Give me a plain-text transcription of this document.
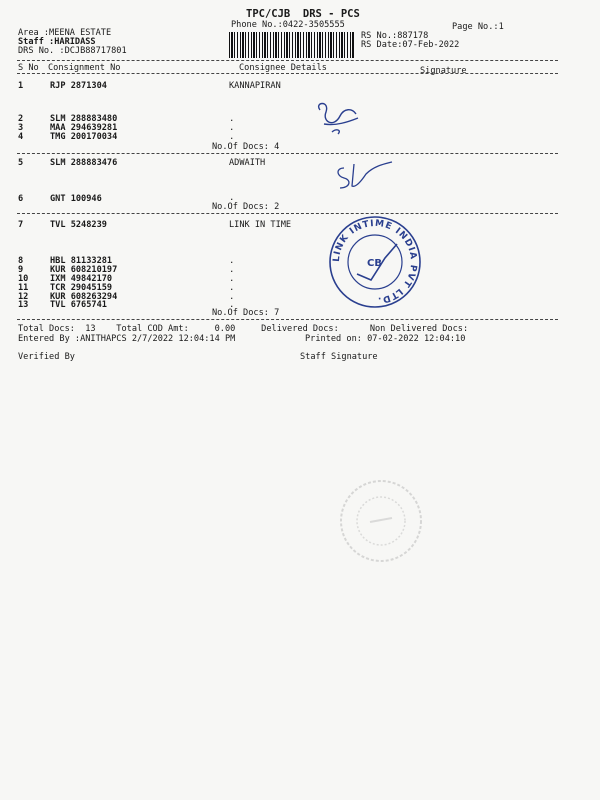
TPC/CJB  DRS - PCS
Phone No.:0422-3505555	Page No.:1
Area :MEENA ESTATE
Staff :HARIDASS
DRS No. :DCJB88717801
RS No.:887178
RS Date:07-Feb-2022
S No Consignment No	Consignee Details	Signature
1	RJP 2871304	KANNAPIRAN
2	SLM 288883480	.
3	MAA 294639281	.
4	TMG 200170034	.
No.Of Docs: 4
5	SLM 288883476	ADWAITH
6	GNT 100946	.
No.Of Docs: 2
7	TVL 5248239	LINK IN TIME
8	HBL 81133281	.
9	KUR 608210197	.
10	IXM 49842170	.
11	TCR 29045159	.
12	KUR 608263294	.
13	TVL 6765741	.
No.Of Docs: 7
LINK INTIME INDIA PVT LTD.
CB
Total Docs:  13    Total COD Amt:     0.00     Delivered Docs:      Non Delivered Docs:
Entered By :ANITHAPCS 2/7/2022 12:04:14 PM	Printed on: 07-02-2022 12:04:10
Verified By	Staff Signature
